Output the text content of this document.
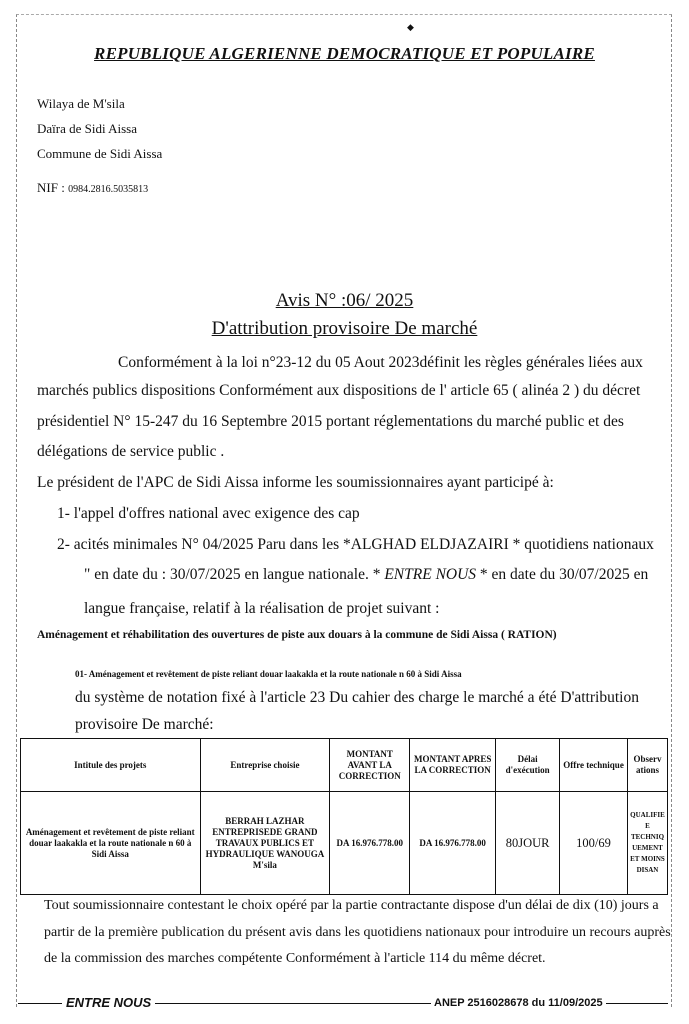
◆
REPUBLIQUE ALGERIENNE DEMOCRATIQUE ET POPULAIRE
Wilaya de M'sila
Daïra de Sidi Aissa
Commune de Sidi Aissa
NIF : 0984.2816.5035813
Avis N° :06/ 2025
D'attribution provisoire De marché
Conformément à la loi n°23-12 du 05 Aout 2023définit les règles générales liées aux
marchés publics dispositions Conformément aux dispositions de l' article 65 ( alinéa 2 ) du décret
présidentiel N° 15-247 du 16 Septembre 2015 portant réglementations du marché public et des
délégations de service public .
Le président de l'APC de Sidi Aissa informe les soumissionnaires ayant participé à:
1- l'appel d'offres national avec exigence des cap
2- acités minimales N° 04/2025 Paru dans les *ALGHAD ELDJAZAIRI * quotidiens nationaux
" en date du : 30/07/2025 en langue nationale. * ENTRE NOUS * en date du 30/07/2025 en
langue française, relatif à la réalisation de projet suivant :
Aménagement et réhabilitation des ouvertures de piste aux douars à la commune de Sidi Aissa ( RATION)
01- Aménagement et revêtement de piste reliant douar laakakla et la route nationale n 60 à Sidi Aissa
du système de notation fixé à l'article 23 Du cahier des charge le marché a été D'attribution
provisoire De marché:
Intitule des projets	Entreprise choisie	MONTANT AVANT LA CORRECTION	MONTANT APRES LA CORRECTION	Délai d'exécution	Offre technique	Observ ations
Aménagement et revêtement de piste reliant douar laakakla et la route nationale n 60 à Sidi Aissa	BERRAH LAZHAR ENTREPRISEDE GRAND TRAVAUX PUBLICS ET HYDRAULIQUE WANOUGA M'sila	DA 16.976.778.00	DA 16.976.778.00	80JOUR	100/69	QUALIFIE E TECHNIQ UEMENT ET MOINS DISAN
Tout soumissionnaire contestant le choix opéré par la partie contractante dispose d'un délai de dix (10) jours a
partir de la première publication du présent avis dans les quotidiens nationaux pour introduire un recours auprès
de la commission des marches compétente Conformément à l'article 114 du même décret.
ENTRE NOUS	ANEP 2516028678 du 11/09/2025
